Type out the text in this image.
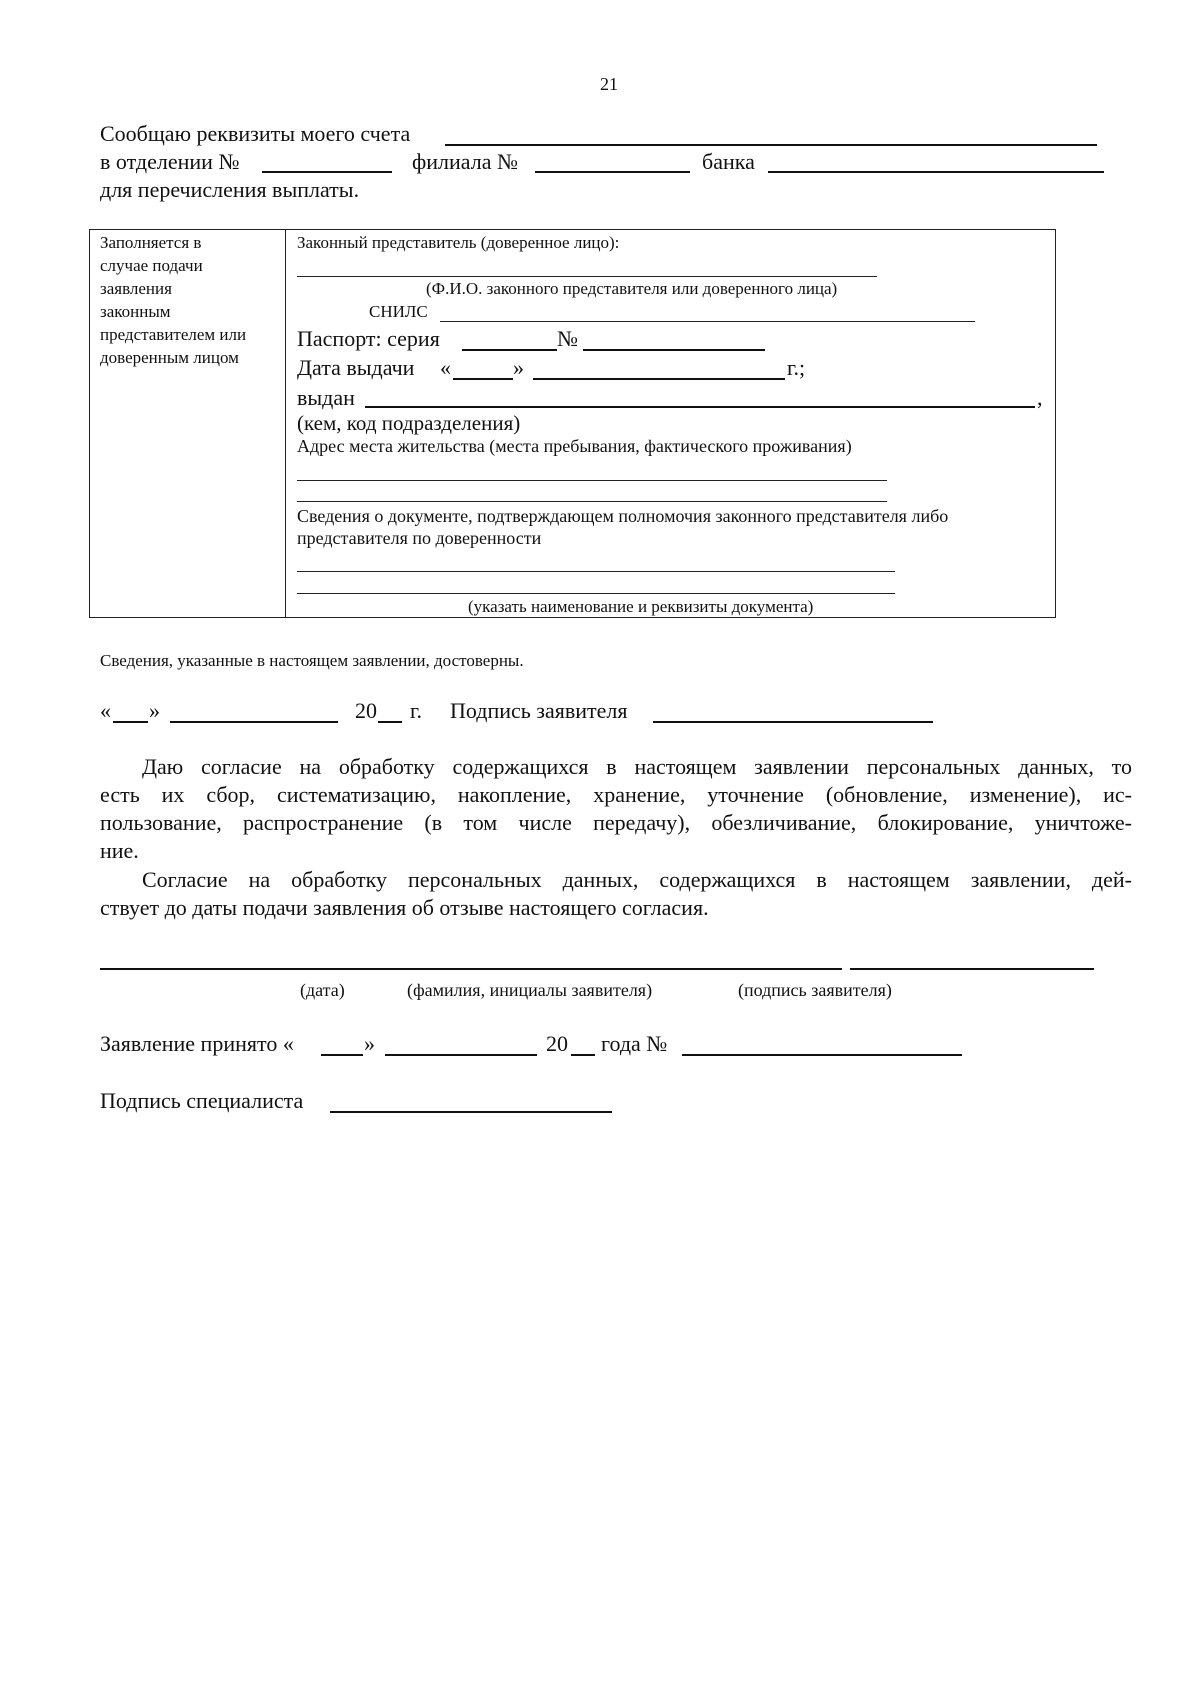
21
Сообщаю реквизиты моего счета
в отделении №	филиала №	банка
для перечисления выплаты.
Заполняется в
случае подачи
заявления
законным
представителем или
доверенным лицом
Законный представитель (доверенное лицо):
(Ф.И.О. законного представителя или доверенного лица)
СНИЛС
Паспорт: серия	№
Дата выдачи «	»	г.;
выдан	,
(кем, код подразделения)
Адрес места жительства (места пребывания, фактического проживания)
Сведения о документе, подтверждающем полномочия законного представителя либо
представителя по доверенности
(указать наименование и реквизиты документа)
Сведения, указанные в настоящем заявлении, достоверны.
« »	20 г. Подпись заявителя
Даю согласие на обработку содержащихся в настоящем заявлении персональных данных, то
есть их сбор, систематизацию, накопление, хранение, уточнение (обновление, изменение), ис-
пользование, распространение (в том числе передачу), обезличивание, блокирование, уничтоже-
ние.
Согласие на обработку персональных данных, содержащихся в настоящем заявлении, дей-
ствует до даты подачи заявления об отзыве настоящего согласия.
(дата)	(фамилия, инициалы заявителя)	(подпись заявителя)
Заявление принято «	»	20 года №
Подпись специалиста
